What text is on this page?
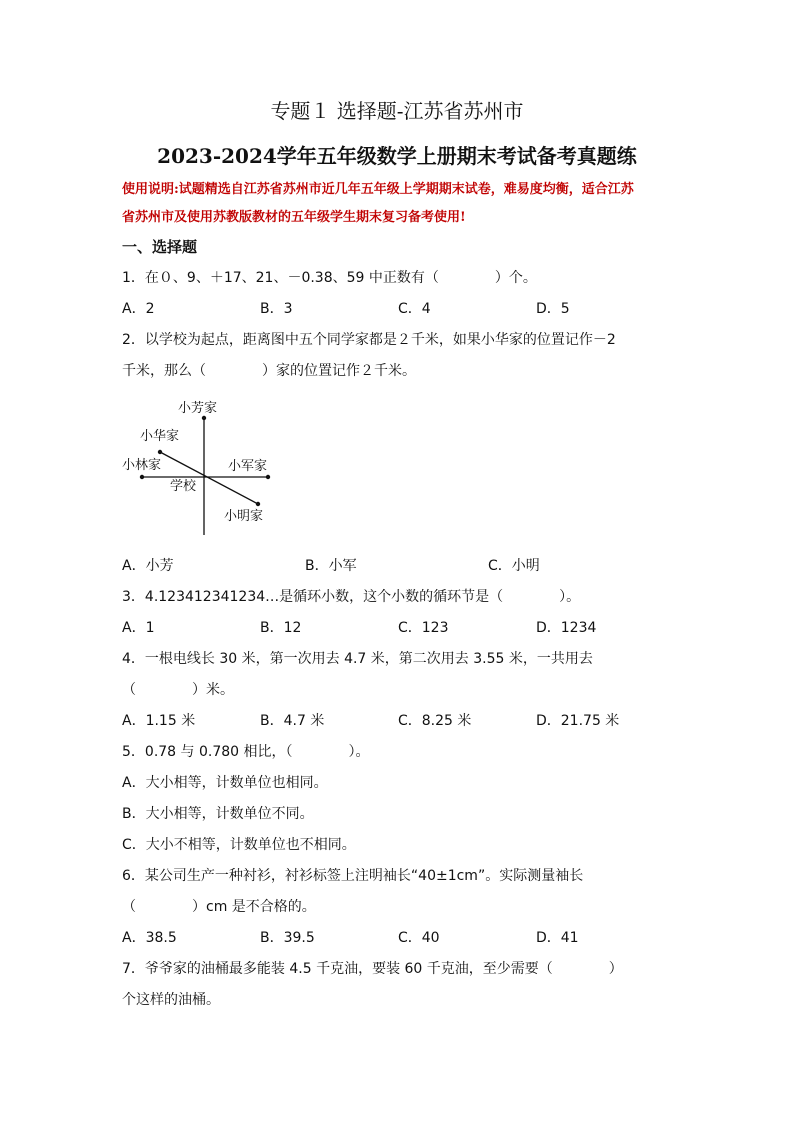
专题１ 选择题-江苏省苏州市
2023-2024学年五年级数学上册期末考试备考真题练
使用说明:试题精选自江苏省苏州市近几年五年级上学期期末试卷，难易度均衡，适合江苏
省苏州市及使用苏教版教材的五年级学生期末复习备考使用!
一、选择题
1．在０、9、＋17、21、－0.38、59 中正数有（　　　　）个。
A．2	B．3	C．4	D．5
2．以学校为起点，距离图中五个同学家都是２千米，如果小华家的位置记作－2
千米，那么（　　　　）家的位置记作２千米。
小芳家
小华家
小林家	小军家
学校
小明家
A．小芳	B．小军	C．小明
3．4.123412341234…是循环小数，这个小数的循环节是（　　　　）。
A．1	B．12	C．123	D．1234
4．一根电线长 30 米，第一次用去 4.7 米，第二次用去 3.55 米，一共用去
（　　　　）米。
A．1.15 米	B．4.7 米	C．8.25 米	D．21.75 米
5．0.78 与 0.780 相比，（　　　　）。
A．大小相等，计数单位也相同。
B．大小相等，计数单位不同。
C．大小不相等，计数单位也不相同。
6．某公司生产一种衬衫，衬衫标签上注明袖长“40±1cm”。实际测量袖长
（　　　　）cm 是不合格的。
A．38.5	B．39.5	C．40	D．41
7．爷爷家的油桶最多能装 4.5 千克油，要装 60 千克油，至少需要（　　　　）
个这样的油桶。
